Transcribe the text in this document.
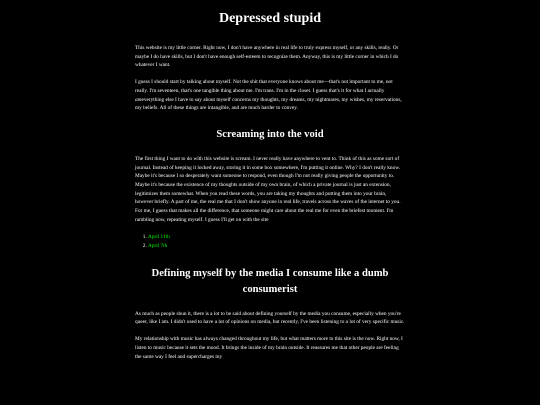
Depressed stupid

This website is my little corner. Right now, I don't have anywhere in real life to truly express myself, or any skills, really. Or maybe I do have skills, but I don't have enough self-esteem to recognize them. Anyway, this is my little corner in which I do whatever I want.

I guess I should start by talking about myself. Not the shit that everyone knows about me—that's not important to me, not really. I'm seventeen, that's one tangible thing about me. I'm trans. I'm in the closet. I guess that's it for what I actually ameverything else I have to say about myself concerns my thoughts, my dreams, my nightmares, my wishes, my reservations, my beliefs. All of these things are intangible, and are much harder to convey.

Screaming into the void

The first thing I want to do with this website is scream. I never really have anywhere to vent to. Think of this as some sort of journal. Instead of keeping it locked away, storing it in some box somewhere, I'm putting it online. Why? I don't really know. Maybe it's because I so desperately want someone to respond, even though I'm not really giving people the opportunity to. Maybe it's because the existence of my thoughts outside of my own brain, of which a private journal is just an extension, legitimizes them somewhat. When you read these words, you are taking my thoughts and putting them into your brain, however briefly. A part of me, the real me that I don't show anyone in real life, travels across the waves of the internet to you. For me, I guess that makes all the difference, that someone might care about the real me for even the briefest moment. I'm rambling now, repeating myself. I guess I'll get on with the site

1. April 11th
2. April 7th
Defining myself by the media I consume like a dumb consumerist

As much as people shun it, there is a lot to be said about defining yourself by the media you consume, especially when you're queer, like I am. I didn't used to have a lot of opinions on media, but recently, I've been listening to a lot of very specific music.

My relationship with music has always changed throughout my life, but what matters more to this site is the now. Right now, I listen to music because it sets the mood. It brings the inside of my brain outside. It reassures me that other people are feeling the same way I feel and supercharges my
